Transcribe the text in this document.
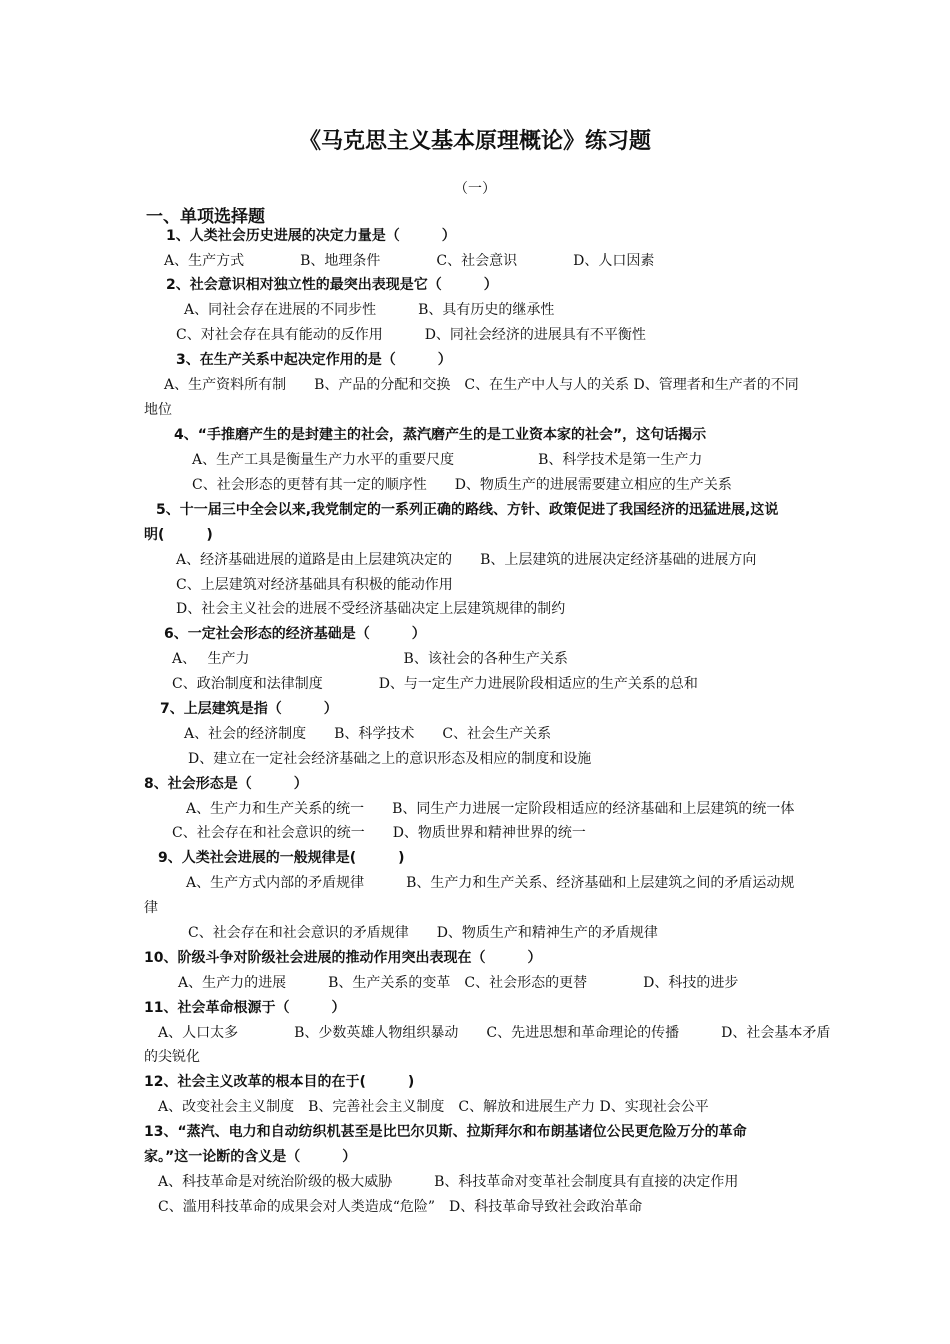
《马克思主义基本原理概论》练习题
（一）
一、单项选择题
1、人类社会历史进展的决定力量是（　　　）
A、生产方式　　　　B、地理条件　　　　C、社会意识　　　　D、人口因素
2、社会意识相对独立性的最突出表现是它（　　　）
A、同社会存在进展的不同步性　　　B、具有历史的继承性
C、对社会存在具有能动的反作用　　　D、同社会经济的进展具有不平衡性
3、在生产关系中起决定作用的是（　　　）
A、生产资料所有制　　B、产品的分配和交换　C、在生产中人与人的关系 D、管理者和生产者的不同
地位
4、“手推磨产生的是封建主的社会，蒸汽磨产生的是工业资本家的社会”，这句话揭示
A、生产工具是衡量生产力水平的重要尺度　　　　　　B、科学技术是第一生产力
C、社会形态的更替有其一定的顺序性　　D、物质生产的进展需要建立相应的生产关系
5、十一届三中全会以来,我党制定的一系列正确的路线、方针、政策促进了我国经济的迅猛进展,这说
明(　　　)
A、经济基础进展的道路是由上层建筑决定的　　B、上层建筑的进展决定经济基础的进展方向
C、上层建筑对经济基础具有积极的能动作用
D、社会主义社会的进展不受经济基础决定上层建筑规律的制约
6、一定社会形态的经济基础是（　　　）
A、　 生产力　　　　　　　　　　　B、该社会的各种生产关系
C、政治制度和法律制度　　　　D、与一定生产力进展阶段相适应的生产关系的总和
7、上层建筑是指（　　　）
A、社会的经济制度　　B、科学技术　　C、社会生产关系
D、建立在一定社会经济基础之上的意识形态及相应的制度和设施
8、社会形态是（　　　）
A、生产力和生产关系的统一　　B、同生产力进展一定阶段相适应的经济基础和上层建筑的统一体
C、社会存在和社会意识的统一　　D、物质世界和精神世界的统一
9、人类社会进展的一般规律是(　　　)
A、生产方式内部的矛盾规律　　　B、生产力和生产关系、经济基础和上层建筑之间的矛盾运动规
律
C、社会存在和社会意识的矛盾规律　　D、物质生产和精神生产的矛盾规律
10、阶级斗争对阶级社会进展的推动作用突出表现在（　　　）
A、生产力的进展　　　B、生产关系的变革　C、社会形态的更替　　　　D、科技的进步
11、社会革命根源于（　　　）
A、人口太多　　　　B、少数英雄人物组织暴动　　C、先进思想和革命理论的传播　　　D、社会基本矛盾
的尖锐化
12、社会主义改革的根本目的在于(　　　)
A、改变社会主义制度　B、完善社会主义制度　C、解放和进展生产力 D、实现社会公平
13、“蒸汽、电力和自动纺织机甚至是比巴尔贝斯、拉斯拜尔和布朗基诸位公民更危险万分的革命
家。”这一论断的含义是（　　　）
A、科技革命是对统治阶级的极大威胁　　　B、科技革命对变革社会制度具有直接的决定作用
C、滥用科技革命的成果会对人类造成“危险”　D、科技革命导致社会政治革命
